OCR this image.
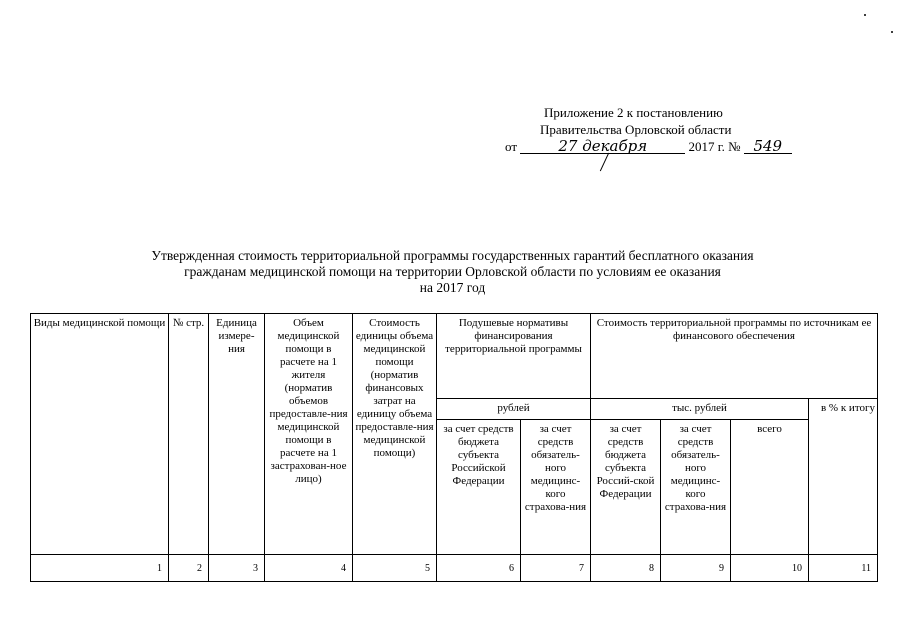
Приложение 2 к постановлению
Правительства Орловской области
от	27 декабря	2017 г. № 549
Утвержденная стоимость территориальной программы государственных гарантий бесплатного оказания
гражданам медицинской помощи на территории Орловской области по условиям ее оказания
на 2017 год
Виды медицинской помощи	№ стр.	Единица измере-ния	Объем медицинской помощи в расчете на 1 жителя (норматив объемов предоставле-ния медицинской помощи в расчете на 1 застрахован-ное лицо)	Стоимость единицы объема медицинской помощи (норматив финансовых затрат на единицу объема предоставле-ния медицинской помощи)	Подушевые нормативы финансирования территориальной программы		Стоимость территориальной программы по источникам ее финансового обеспечения			
					рублей		тыс. рублей			в % к итогу
					за счет средств бюджета субъекта Российской Федерации	за счет средств обязатель-ного медицинс-кого страхова-ния	за счет средств бюджета субъекта Россий-ской Федерации	за счет средств обязатель-ного медицинс-кого страхова-ния	всего	
1	2	3	4	5	6	7	8	9	10	11
